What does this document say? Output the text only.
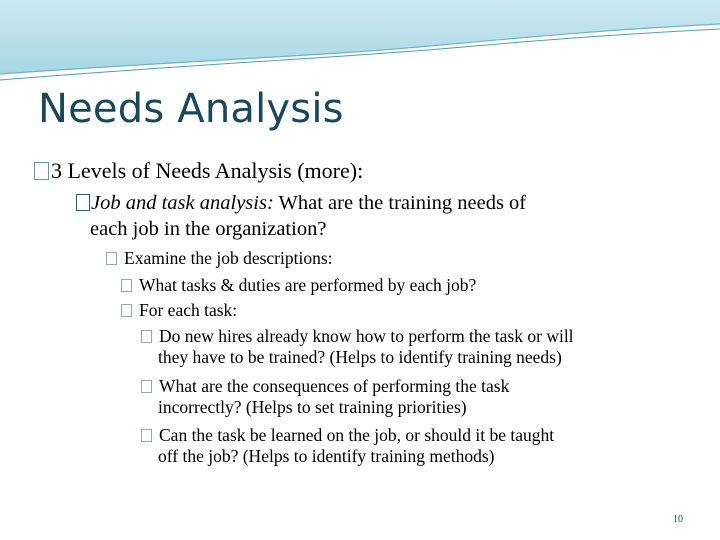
Needs Analysis
3 Levels of Needs Analysis (more):
Job and task analysis: What are the training needs of
each job in the organization?
Examine the job descriptions:
What tasks & duties are performed by each job?
For each task:
Do new hires already know how to perform the task or will
they have to be trained? (Helps to identify training needs)
What are the consequences of performing the task
incorrectly? (Helps to set training priorities)
Can the task be learned on the job, or should it be taught
off the job? (Helps to identify training methods)
10
